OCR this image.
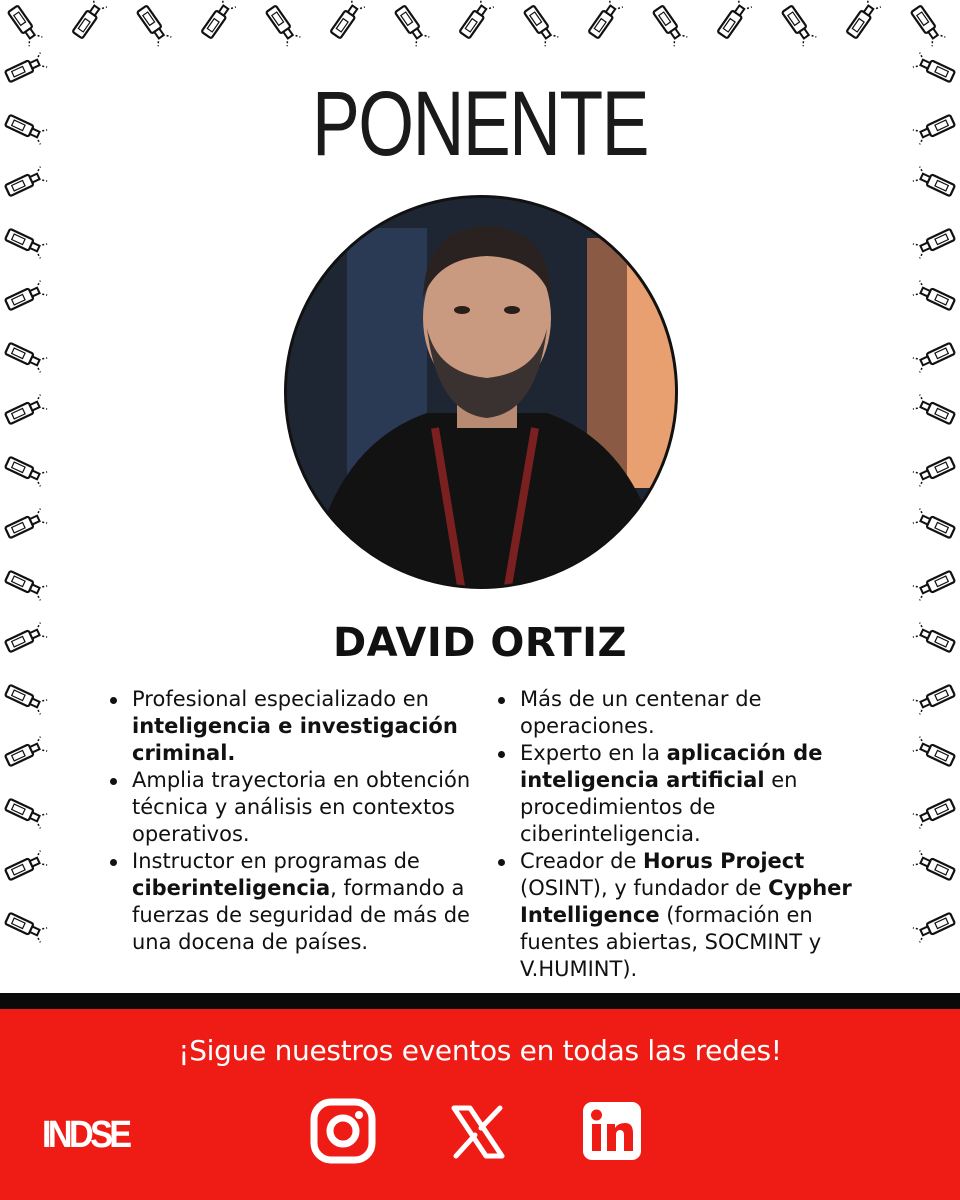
PONENTE
DAVID ORTIZ
Profesional especializado en inteligencia e investigación criminal.
Amplia trayectoria en obtención técnica y análisis en contextos operativos.
Instructor en programas de ciberinteligencia, formando a fuerzas de seguridad de más de una docena de países.
Más de un centenar de operaciones.
Experto en la aplicación de inteligencia artificial en procedimientos de ciberinteligencia.
Creador de Horus Project (OSINT), y fundador de Cypher Intelligence (formación en fuentes abiertas, SOCMINT y V.HUMINT).
¡Sigue nuestros eventos en todas las redes!
INDSE
